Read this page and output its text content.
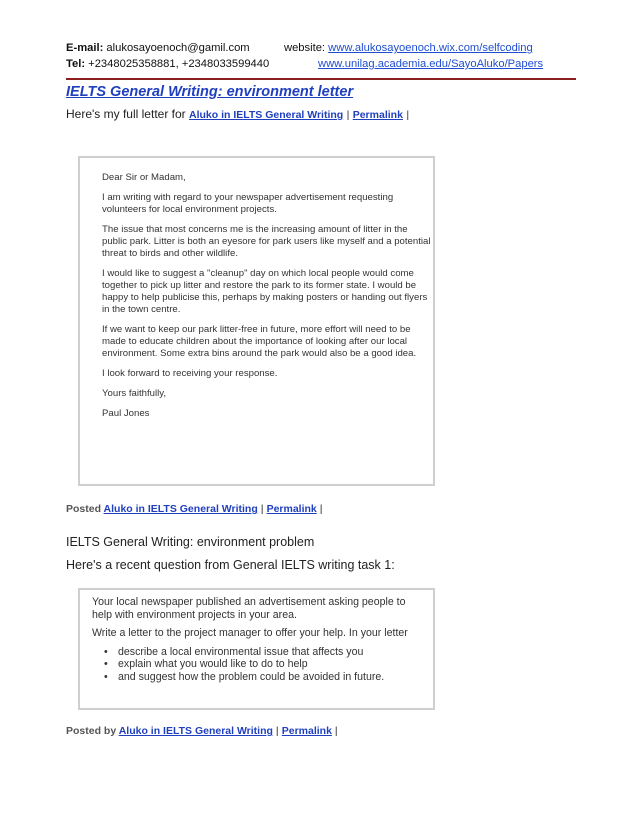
E-mail: alukosayoenoch@gamil.com	website: www.alukosayoenoch.wix.com/selfcoding
Tel: +2348025358881, +2348033599440	www.unilag.academia.edu/SayoAluko/Papers
IELTS General Writing: environment letter
Here's my full letter for Aluko in IELTS General Writing | Permalink |

Dear Sir or Madam,

I am writing with regard to your newspaper advertisement requesting volunteers for local environment projects.

The issue that most concerns me is the increasing amount of litter in the public park. Litter is both an eyesore for park users like myself and a potential threat to birds and other wildlife.

I would like to suggest a "cleanup" day on which local people would come together to pick up litter and restore the park to its former state. I would be happy to help publicise this, perhaps by making posters or handing out flyers in the town centre.

If we want to keep our park litter-free in future, more effort will need to be made to educate children about the importance of looking after our local environment. Some extra bins around the park would also be a good idea.

I look forward to receiving your response.

Yours faithfully,

Paul Jones

Posted Aluko in IELTS General Writing | Permalink |
IELTS General Writing: environment problem
Here's a recent question from General IELTS writing task 1:

Your local newspaper published an advertisement asking people to help with environment projects in your area.

Write a letter to the project manager to offer your help. In your letter

• describe a local environmental issue that affects you
• explain what you would like to do to help
• and suggest how the problem could be avoided in future.
Posted by Aluko in IELTS General Writing | Permalink |
